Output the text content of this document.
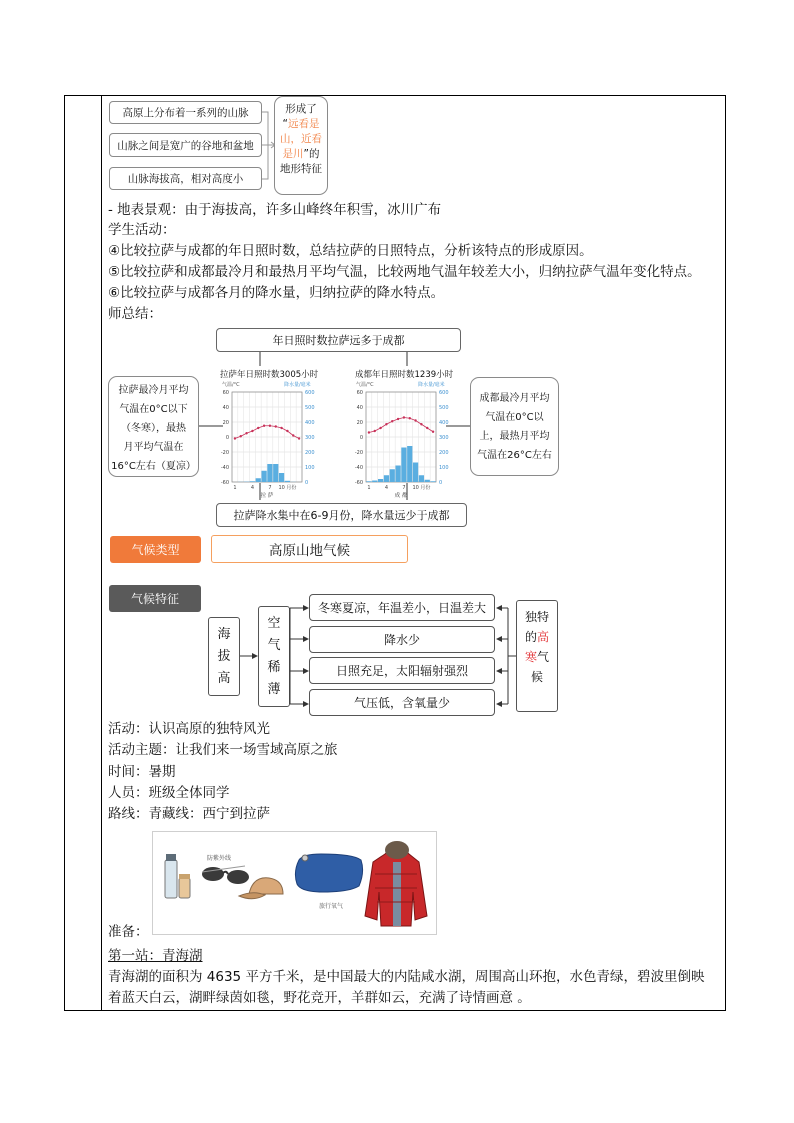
高原上分布着一系列的山脉
山脉之间是宽广的谷地和盆地
山脉海拔高，相对高度小
形成了
“远看是
山，近看
是川”的
地形特征
- 地表景观：由于海拔高，许多山峰终年积雪，冰川广布
学生活动：
④比较拉萨与成都的年日照时数，总结拉萨的日照特点，分析该特点的形成原因。
⑤比较拉萨和成都最冷月和最热月平均气温，比较两地气温年较差大小，归纳拉萨气温年变化特点。
⑥比较拉萨与成都各月的降水量，归纳拉萨的降水特点。
师总结：
年日照时数拉萨远多于成都
拉萨最冷月平均
气温在0°C以下
（冬寒），最热
月平均气温在
16°C左右（夏凉）
成都最冷月平均
气温在0°C以
上，最热月平均
气温在26°C左右
拉萨年日照时数3005小时	成都年日照时数1239小时
气温/°C	降水量/毫米
60	600
40	500
20	400
0	300
-20	200
-40	100
-60	0
1	4	7 10 月份
拉 萨
气温/°C	降水量/毫米
60	600
40	500
20	400
0	300
-20	200
-40	100
-60	0
1	4	7 10 月份
成 都
拉萨降水集中在6-9月份，降水量远少于成都
气候类型	高原山地气候
气候特征
海
拔
高
空
气
稀
薄
冬寒夏凉，年温差小，日温差大
降水少
日照充足，太阳辐射强烈
气压低，含氧量少
独特
的高
寒气
候
活动：认识高原的独特风光
活动主题：让我们来一场雪域高原之旅
时间：暑期
人员：班级全体同学
路线：青藏线：西宁到拉萨
防紫外线
旅行氧气
准备：
第一站：青海湖
青海湖的面积为 4635 平方千米，是中国最大的内陆咸水湖，周围高山环抱，水色青绿，碧波里倒映
着蓝天白云，湖畔绿茵如毯，野花竞开，羊群如云，充满了诗情画意 。
